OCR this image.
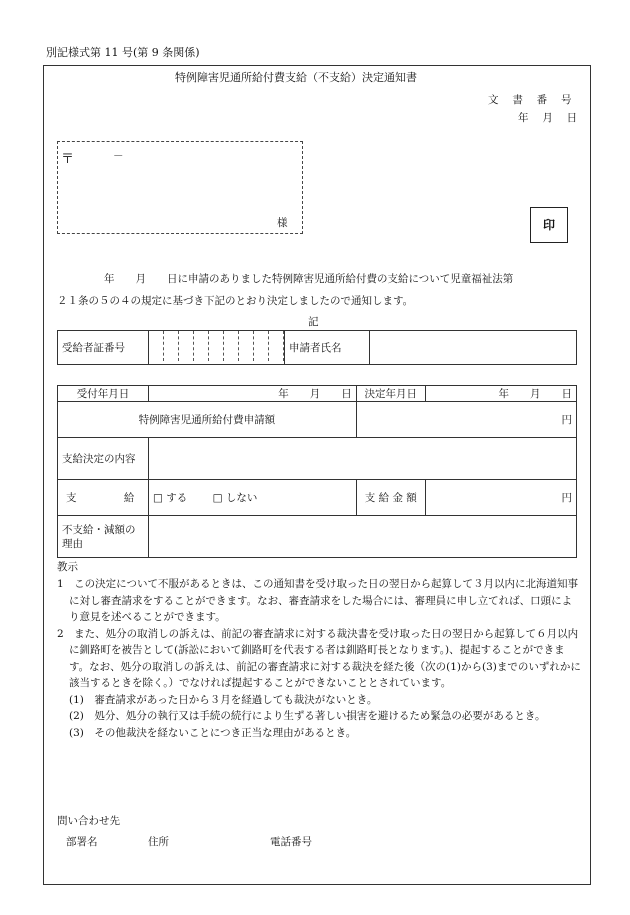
別記様式第 11 号(第 9 条関係)
特例障害児通所給付費支給（不支給）決定通知書
文 書 番 号
年 月 日
〒	－
様	印
年　　月　　日に申請のありました特例障害児通所給付費の支給について児童福祉法第
２１条の５の４の規定に基づき下記のとおり決定しましたので通知します。
記
受給者証番号		申請者氏名	
受付年月日	年　　月　　日	決定年月日	年　　月　　日
特例障害児通所給付費申請額		円	
支給決定の内容			
支 給	□ する □ しない	支 給 金 額	円

不支給・減額の理由			

教示

1　この決定について不服があるときは、この通知書を受け取った日の翌日から起算して３月以内に北海道知事に対し審査請求をすることができます。なお、審査請求をした場合には、審理員に申し立てれば、口頭により意見を述べることができます。

2　また、処分の取消しの訴えは、前記の審査請求に対する裁決書を受け取った日の翌日から起算して６月以内に釧路町を被告として(訴訟において釧路町を代表する者は釧路町長となります。)、提起することができます。なお、処分の取消しの訴えは、前記の審査請求に対する裁決を経た後（次の(1)から(3)までのいずれかに該当するときを除く。）でなければ提起することができないこととされています。

(1)　審査請求があった日から３月を経過しても裁決がないとき。

(2)　処分、処分の執行又は手続の続行により生ずる著しい損害を避けるため緊急の必要があるとき。

(3)　その他裁決を経ないことにつき正当な理由があるとき。

問い合わせ先
部署名	住所	電話番号
